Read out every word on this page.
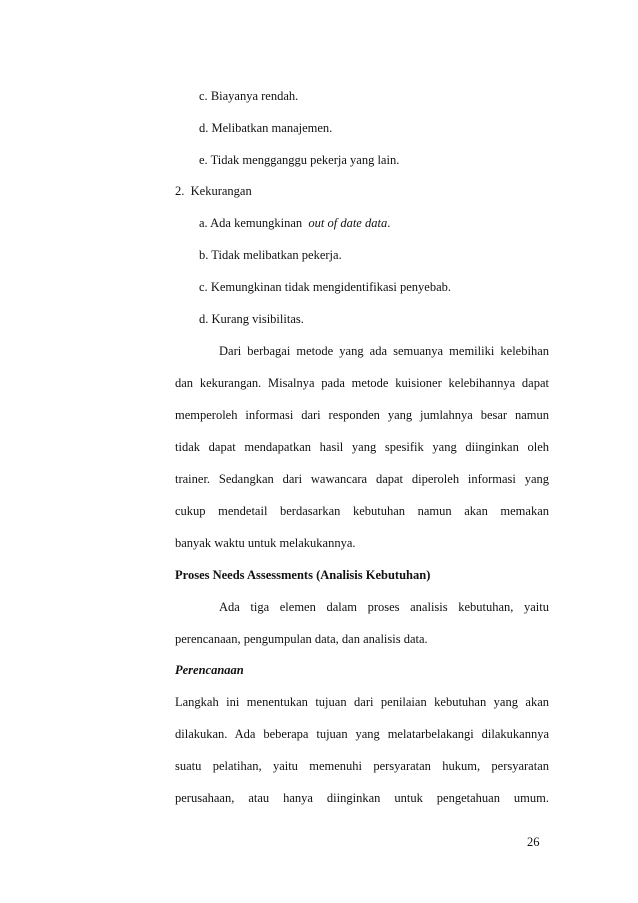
c. Biayanya rendah.
d. Melibatkan manajemen.
e. Tidak mengganggu pekerja yang lain.
2. Kekurangan
a. Ada kemungkinan out of date data.
b. Tidak melibatkan pekerja.
c. Kemungkinan tidak mengidentifikasi penyebab.
d. Kurang visibilitas.
Dari berbagai metode yang ada semuanya memiliki kelebihan
dan kekurangan. Misalnya pada metode kuisioner kelebihannya dapat
memperoleh informasi dari responden yang jumlahnya besar namun
tidak dapat mendapatkan hasil yang spesifik yang diinginkan oleh
trainer. Sedangkan dari wawancara dapat diperoleh informasi yang
cukup mendetail berdasarkan kebutuhan namun akan memakan
banyak waktu untuk melakukannya.
Proses Needs Assessments (Analisis Kebutuhan)
Ada tiga elemen dalam proses analisis kebutuhan, yaitu
perencanaan, pengumpulan data, dan analisis data.
Perencanaan
Langkah ini menentukan tujuan dari penilaian kebutuhan yang akan
dilakukan. Ada beberapa tujuan yang melatarbelakangi dilakukannya
suatu pelatihan, yaitu memenuhi persyaratan hukum, persyaratan
perusahaan, atau hanya diinginkan untuk pengetahuan umum.
26
